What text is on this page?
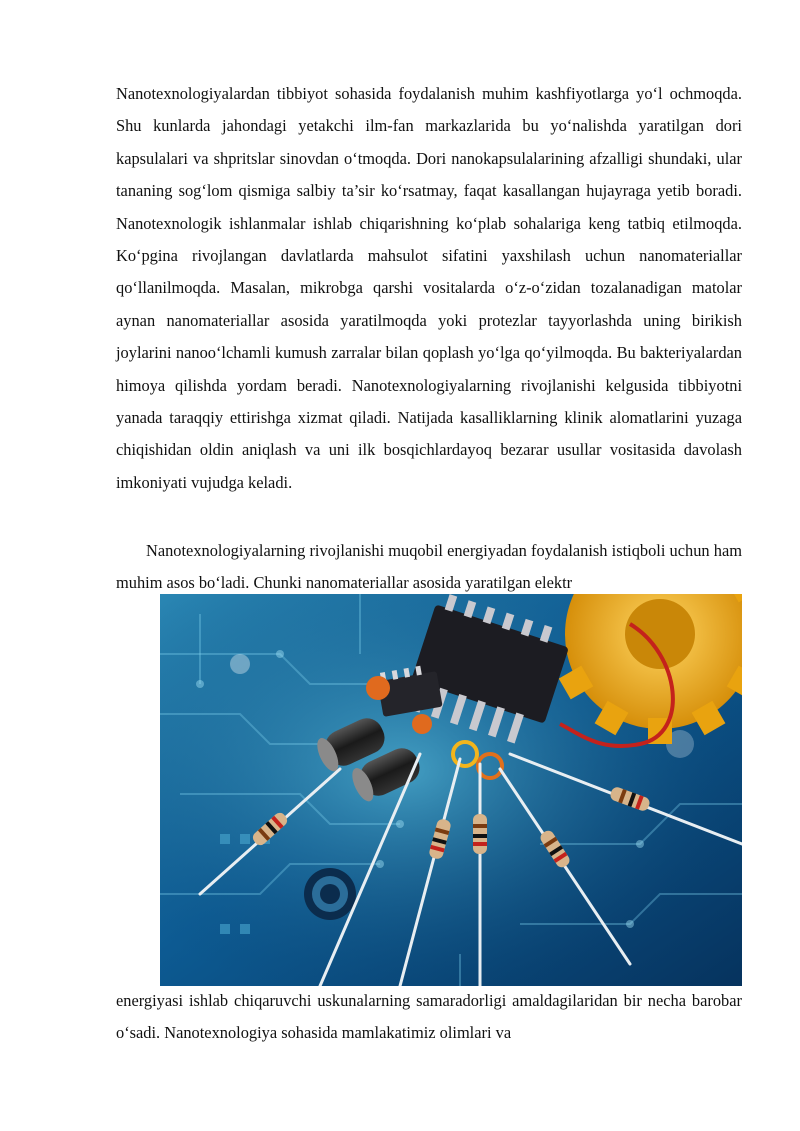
Nanotexnologiyalardan tibbiyot sohasida foydalanish muhim kashfiyotlarga yo‘l ochmoqda. Shu kunlarda jahondagi yetakchi ilm-fan markazlarida bu yo‘nalishda yaratilgan dori kapsulalari va shpritslar sinovdan o‘tmoqda. Dori nanokapsulalarining afzalligi shundaki, ular tananing sog‘lom qismiga salbiy ta’sir ko‘rsatmay, faqat kasallangan hujayraga yetib boradi. Nanotexnologik ishlanmalar ishlab chiqarishning ko‘plab sohalariga keng tatbiq etilmoqda. Ko‘pgina rivojlangan davlatlarda mahsulot sifatini yaxshilash uchun nanomateriallar qo‘llanilmoqda. Masalan, mikrobga qarshi vositalarda o‘z-o‘zidan tozalanadigan matolar aynan nanomateriallar asosida yaratilmoqda yoki protezlar tayyorlashda uning birikish joylarini nanoo‘lchamli kumush zarralar bilan qoplash yo‘lga qo‘yilmoqda. Bu bakteriyalardan himoya qilishda yordam beradi. Nanotexnologiyalarning rivojlanishi kelgusida tibbiyotni yanada taraqqiy ettirishga xizmat qiladi. Natijada kasalliklarning klinik alomatlarini yuzaga chiqishidan oldin aniqlash va uni ilk bosqichlardayoq bezarar usullar vositasida davolash imkoniyati vujudga keladi.

Nanotexnologiyalarning rivojlanishi muqobil energiyadan foydalanish istiqboli uchun ham muhim asos bo‘ladi. Chunki nanomateriallar asosida yaratilgan elektr

energiyasi ishlab chiqaruvchi uskunalarning samaradorligi amaldagilaridan bir necha barobar o‘sadi. Nanotexnologiya sohasida mamlakatimiz olimlari va
